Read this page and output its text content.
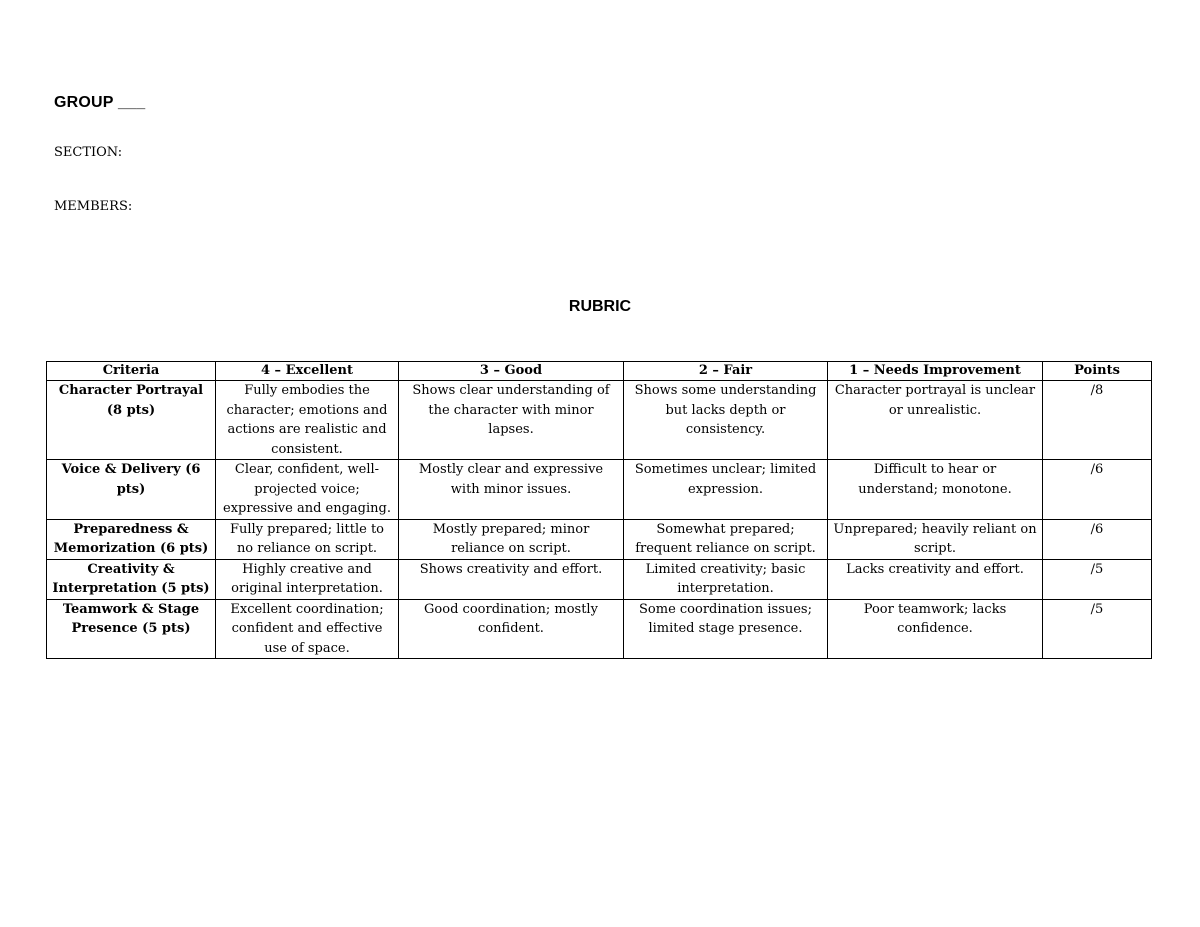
GROUP ___
SECTION:
MEMBERS:
RUBRIC
Criteria	4 – Excellent	3 – Good	2 – Fair	1 – Needs Improvement	Points
Character Portrayal (8 pts)	Fully embodies the character; emotions and actions are realistic and consistent.	Shows clear understanding of the character with minor lapses.	Shows some understanding but lacks depth or consistency.	Character portrayal is unclear or unrealistic.	/8
Voice & Delivery (6 pts)	Clear, confident, well-projected voice; expressive and engaging.	Mostly clear and expressive with minor issues.	Sometimes unclear; limited expression.	Difficult to hear or understand; monotone.	/6
Preparedness & Memorization (6 pts)	Fully prepared; little to no reliance on script.	Mostly prepared; minor reliance on script.	Somewhat prepared; frequent reliance on script.	Unprepared; heavily reliant on script.	/6
Creativity & Interpretation (5 pts)	Highly creative and original interpretation.	Shows creativity and effort.	Limited creativity; basic interpretation.	Lacks creativity and effort.	/5
Teamwork & Stage Presence (5 pts)	Excellent coordination; confident and effective use of space.	Good coordination; mostly confident.	Some coordination issues; limited stage presence.	Poor teamwork; lacks confidence.	/5
